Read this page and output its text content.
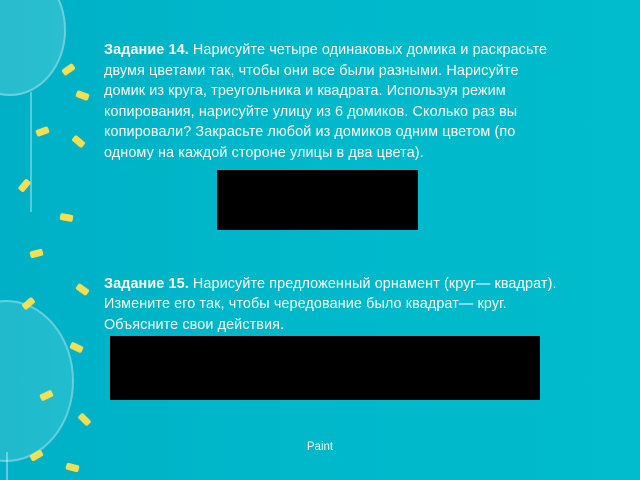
Задание 14. Нарисуйте четыре одинаковых домика и раскрасьте двумя цветами так, чтобы они все были разными. Нарисуйте домик из круга, треугольника и квадрата. Используя режим копирования, нарисуйте улицу из 6 домиков. Сколько раз вы копировали? Закрасьте любой из домиков одним цветом (по одному на каждой стороне улицы в два цвета).

Задание 15. Нарисуйте предложенный орнамент (круг— квадрат). Измените его так, чтобы чередование было квадрат— круг. Объясните свои действия.

Paint
